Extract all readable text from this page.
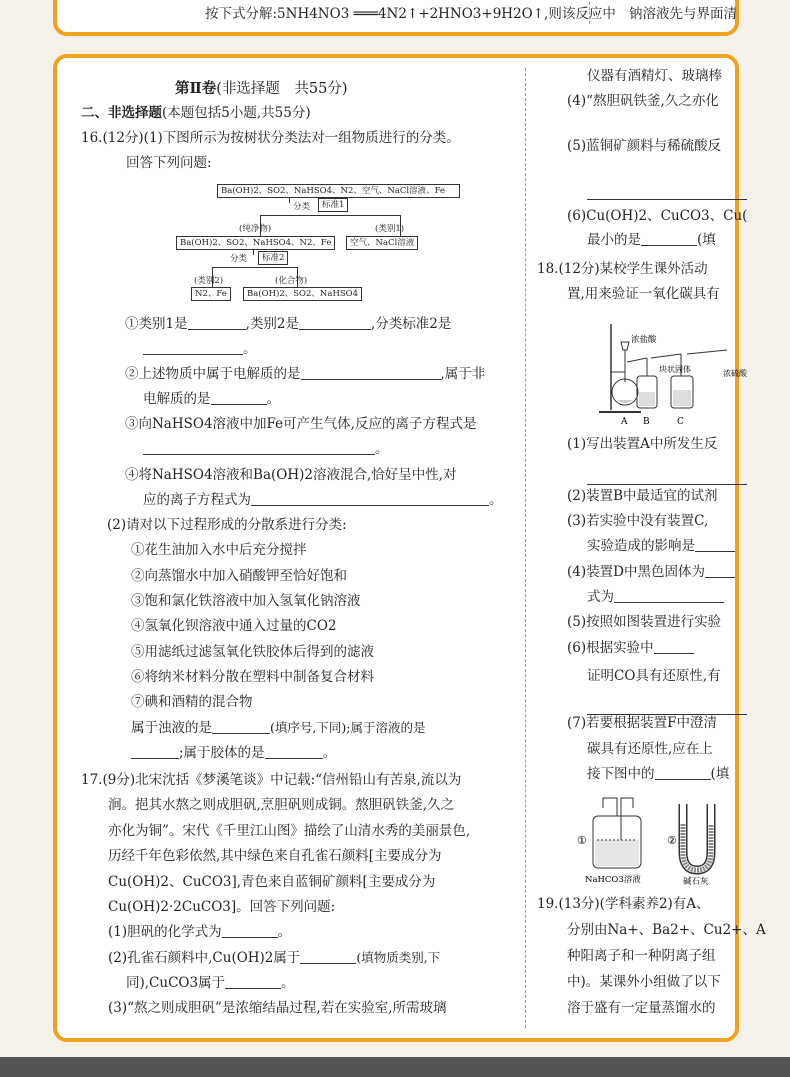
按下式分解:5NH4NO3 ═══4N2↑+2HNO3+9H2O↑,则该反应中 钠溶液先与界面清
第Ⅱ卷(非选择题　共55分)
二、非选择题(本题包括5小题,共55分)
16.(12分)(1)下图所示为按树状分类法对一组物质进行的分类。
回答下列问题:
Ba(OH)2、SO2、NaHSO4、N2、空气、NaCl溶液、Fe
分类	标准1
(纯净物)	(类别1)
Ba(OH)2、SO2、NaHSO4、N2、Fe	空气、NaCl溶液
分类	标准2
(类别2)	(化合物)
N2、Fe	Ba(OH)2、SO2、NaHSO4
①类别1是	,类别2是	,分类标准2是
。
②上述物质中属于电解质的是	,属于非
电解质的是	。
③向NaHSO4溶液中加Fe可产生气体,反应的离子方程式是
。
④将NaHSO4溶液和Ba(OH)2溶液混合,恰好呈中性,对
应的离子方程式为	。
(2)请对以下过程形成的分散系进行分类:
①花生油加入水中后充分搅拌
②向蒸馏水中加入硝酸钾至恰好饱和
③饱和氯化铁溶液中加入氢氧化钠溶液
④氢氧化钡溶液中通入过量的CO2
⑤用滤纸过滤氢氧化铁胶体后得到的滤液
⑥将纳米材料分散在塑料中制备复合材料
⑦碘和酒精的混合物
属于浊液的是	(填序号,下同);属于溶液的是
;属于胶体的是	。
17.(9分)北宋沈括《梦溪笔谈》中记载:“信州铅山有苦泉,流以为
涧。挹其水熬之则成胆矾,烹胆矾则成铜。熬胆矾铁釜,久之
亦化为铜”。宋代《千里江山图》描绘了山清水秀的美丽景色,
历经千年色彩依然,其中绿色来自孔雀石颜料[主要成分为
Cu(OH)2、CuCO3],青色来自蓝铜矿颜料[主要成分为
Cu(OH)2·2CuCO3]。回答下列问题:
(1)胆矾的化学式为	。
(2)孔雀石颜料中,Cu(OH)2属于	(填物质类别,下
同),CuCO3属于	。
(3)“熬之则成胆矾”是浓缩结晶过程,若在实验室,所需玻璃
仪器有酒精灯、玻璃棒
(4)“熬胆矾铁釜,久之亦化
(5)蓝铜矿颜料与稀硫酸反
(6)Cu(OH)2、CuCO3、Cu(
最小的是	(填
18.(12分)某校学生课外活动
置,用来验证一氧化碳具有
浓盐酸
块状固体	浓硫酸
A B	C
(1)写出装置A中所发生反
(2)装置B中最适宜的试剂
(3)若实验中没有装置C,
实验造成的影响是
(4)装置D中黑色固体为
式为
(5)按照如图装置进行实验
(6)根据实验中
证明CO具有还原性,有
(7)若要根据装置F中澄清
碳具有还原性,应在上
接下图中的	(填
①
NaHCO3溶液
②
碱石灰
19.(13分)(学科素养2)有A、
分别由Na+、Ba2+、Cu2+、A
种阳离子和一种阴离子组
中)。某课外小组做了以下
溶于盛有一定量蒸馏水的
